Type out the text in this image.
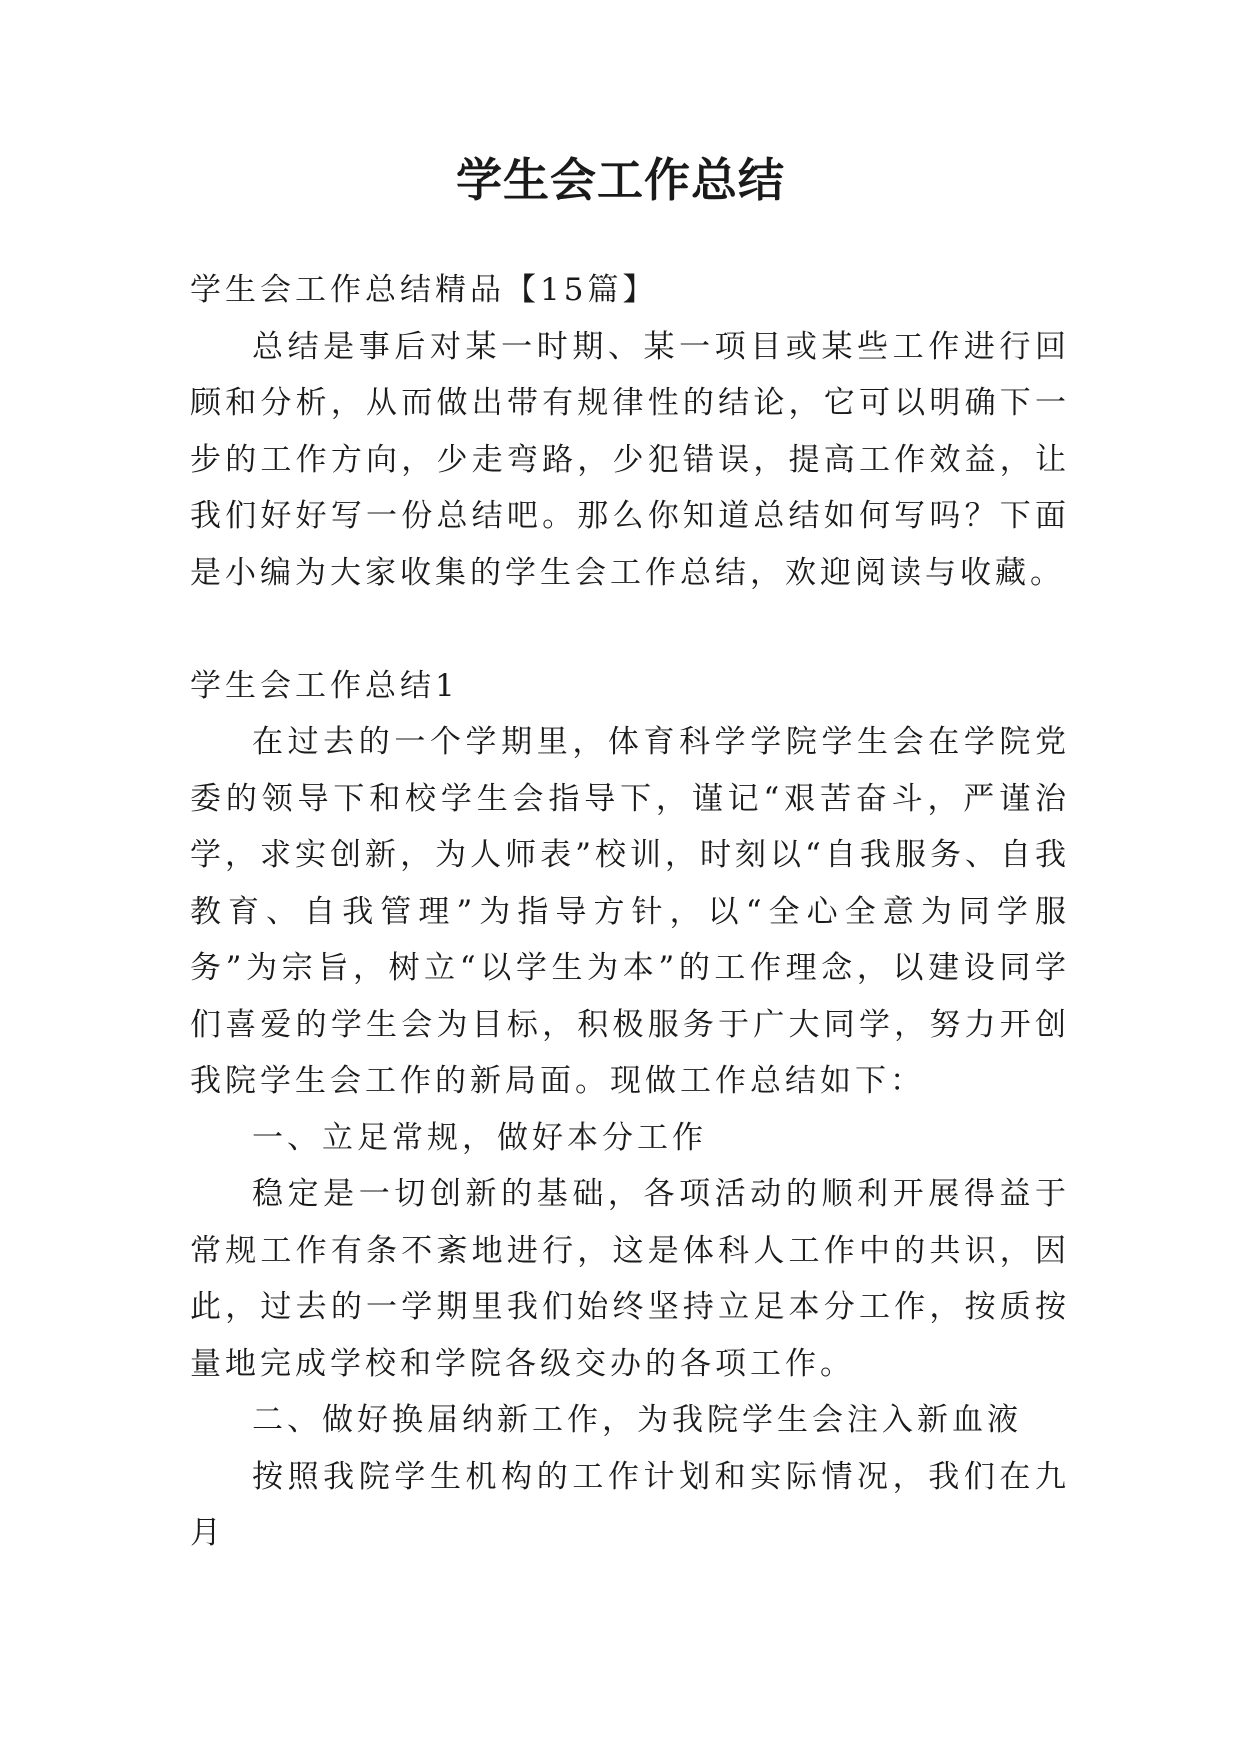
学生会工作总结

学生会工作总结精品【15篇】

总结是事后对某一时期、某一项目或某些工作进行回顾和分析，从而做出带有规律性的结论，它可以明确下一步的工作方向，少走弯路，少犯错误，提高工作效益，让我们好好写一份总结吧。那么你知道总结如何写吗？下面是小编为大家收集的学生会工作总结，欢迎阅读与收藏。

学生会工作总结1

在过去的一个学期里，体育科学学院学生会在学院党委的领导下和校学生会指导下，谨记“艰苦奋斗，严谨治学，求实创新，为人师表”校训，时刻以“自我服务、自我教育、自我管理”为指导方针，以“全心全意为同学服务”为宗旨，树立“以学生为本”的工作理念，以建设同学们喜爱的学生会为目标，积极服务于广大同学，努力开创我院学生会工作的新局面。现做工作总结如下：

一、立足常规，做好本分工作

稳定是一切创新的基础，各项活动的顺利开展得益于常规工作有条不紊地进行，这是体科人工作中的共识，因此，过去的一学期里我们始终坚持立足本分工作，按质按量地完成学校和学院各级交办的各项工作。

二、做好换届纳新工作，为我院学生会注入新血液

按照我院学生机构的工作计划和实际情况，我们在九月
